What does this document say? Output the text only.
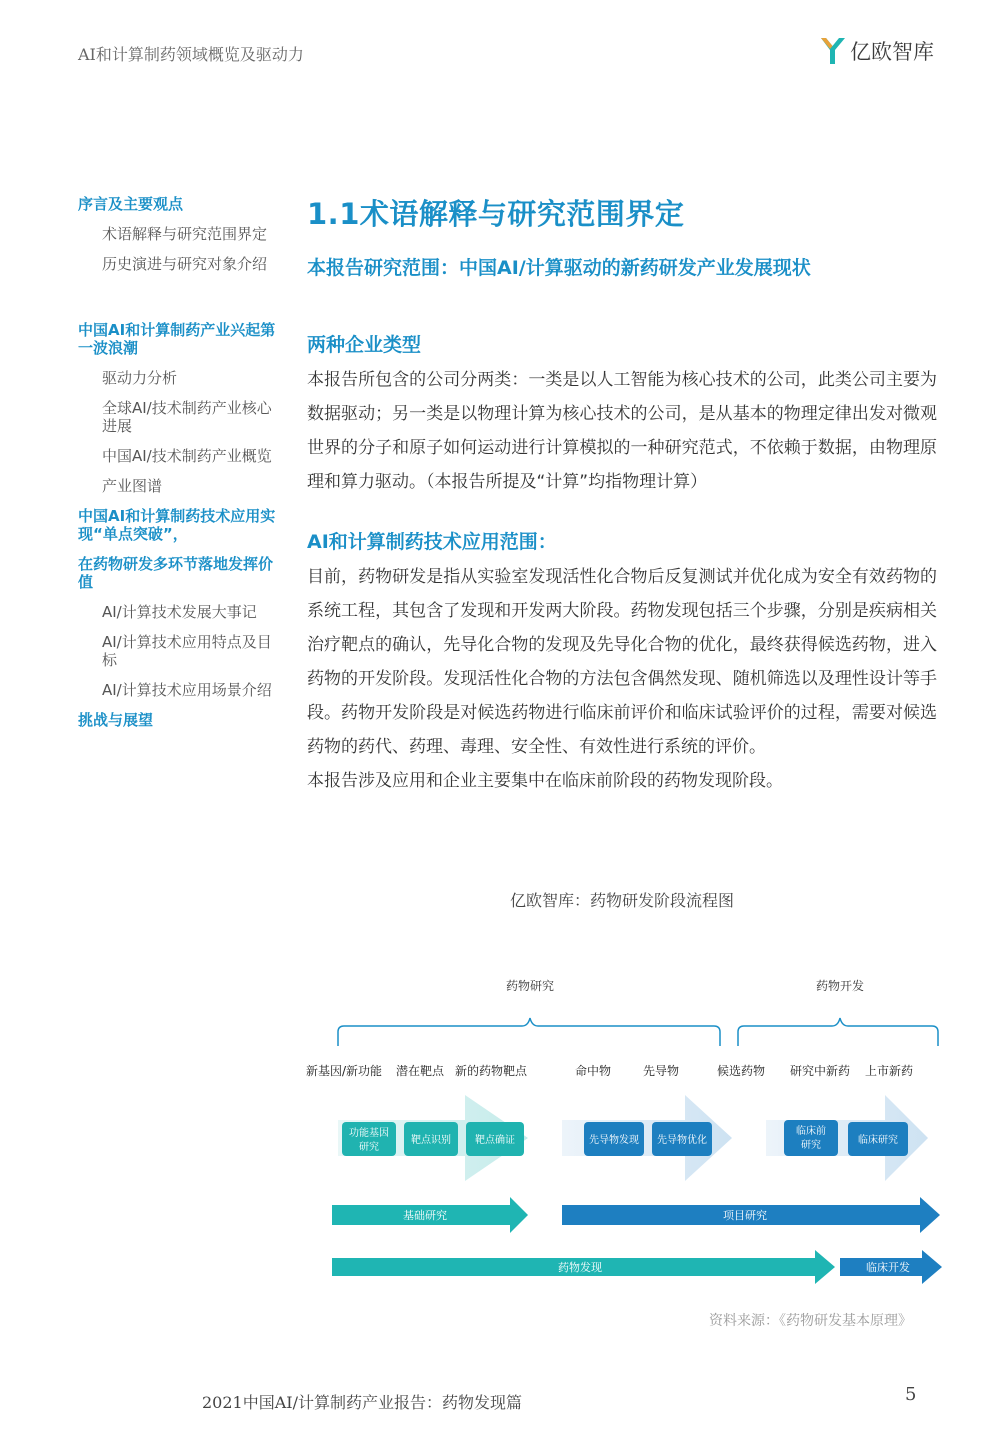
AI和计算制药领域概览及驱动力	亿欧智库
序言及主要观点
术语解释与研究范围界定
历史演进与研究对象介绍
中国AI和计算制药产业兴起第一波浪潮
驱动力分析
全球AI/技术制药产业核心进展
中国AI/技术制药产业概览
产业图谱
中国AI和计算制药技术应用实现“单点突破”，
在药物研发多环节落地发挥价值
AI/计算技术发展大事记
AI/计算技术应用特点及目标
AI/计算技术应用场景介绍
挑战与展望
1.1术语解释与研究范围界定
本报告研究范围：中国AI/计算驱动的新药研发产业发展现状
两种企业类型

本报告所包含的公司分两类：一类是以人工智能为核心技术的公司，此类公司主要为数据驱动；另一类是以物理计算为核心技术的公司，是从基本的物理定律出发对微观世界的分子和原子如何运动进行计算模拟的一种研究范式，不依赖于数据，由物理原理和算力驱动。（本报告所提及“计算”均指物理计算）

AI和计算制药技术应用范围：

目前，药物研发是指从实验室发现活性化合物后反复测试并优化成为安全有效药物的系统工程，其包含了发现和开发两大阶段。药物发现包括三个步骤，分别是疾病相关治疗靶点的确认，先导化合物的发现及先导化合物的优化，最终获得候选药物，进入药物的开发阶段。发现活性化合物的方法包含偶然发现、随机筛选以及理性设计等手段。药物开发阶段是对候选药物进行临床前评价和临床试验评价的过程，需要对候选药物的药代、药理、毒理、安全性、有效性进行系统的评价。

本报告涉及应用和企业主要集中在临床前阶段的药物发现阶段。

亿欧智库：药物研发阶段流程图
药物研究	药物开发
新基因/新功能 潜在靶点 新的药物靶点	命中物	先导物	候选药物 研究中新药 上市新药
功能基因
研究
靶点识别 靶点确证	先导物发现 先导物优化
临床前
研究	临床研究
基础研究	项目研究
药物发现	临床开发
资料来源：《药物研发基本原理》
2021中国AI/计算制药产业报告：药物发现篇	5
